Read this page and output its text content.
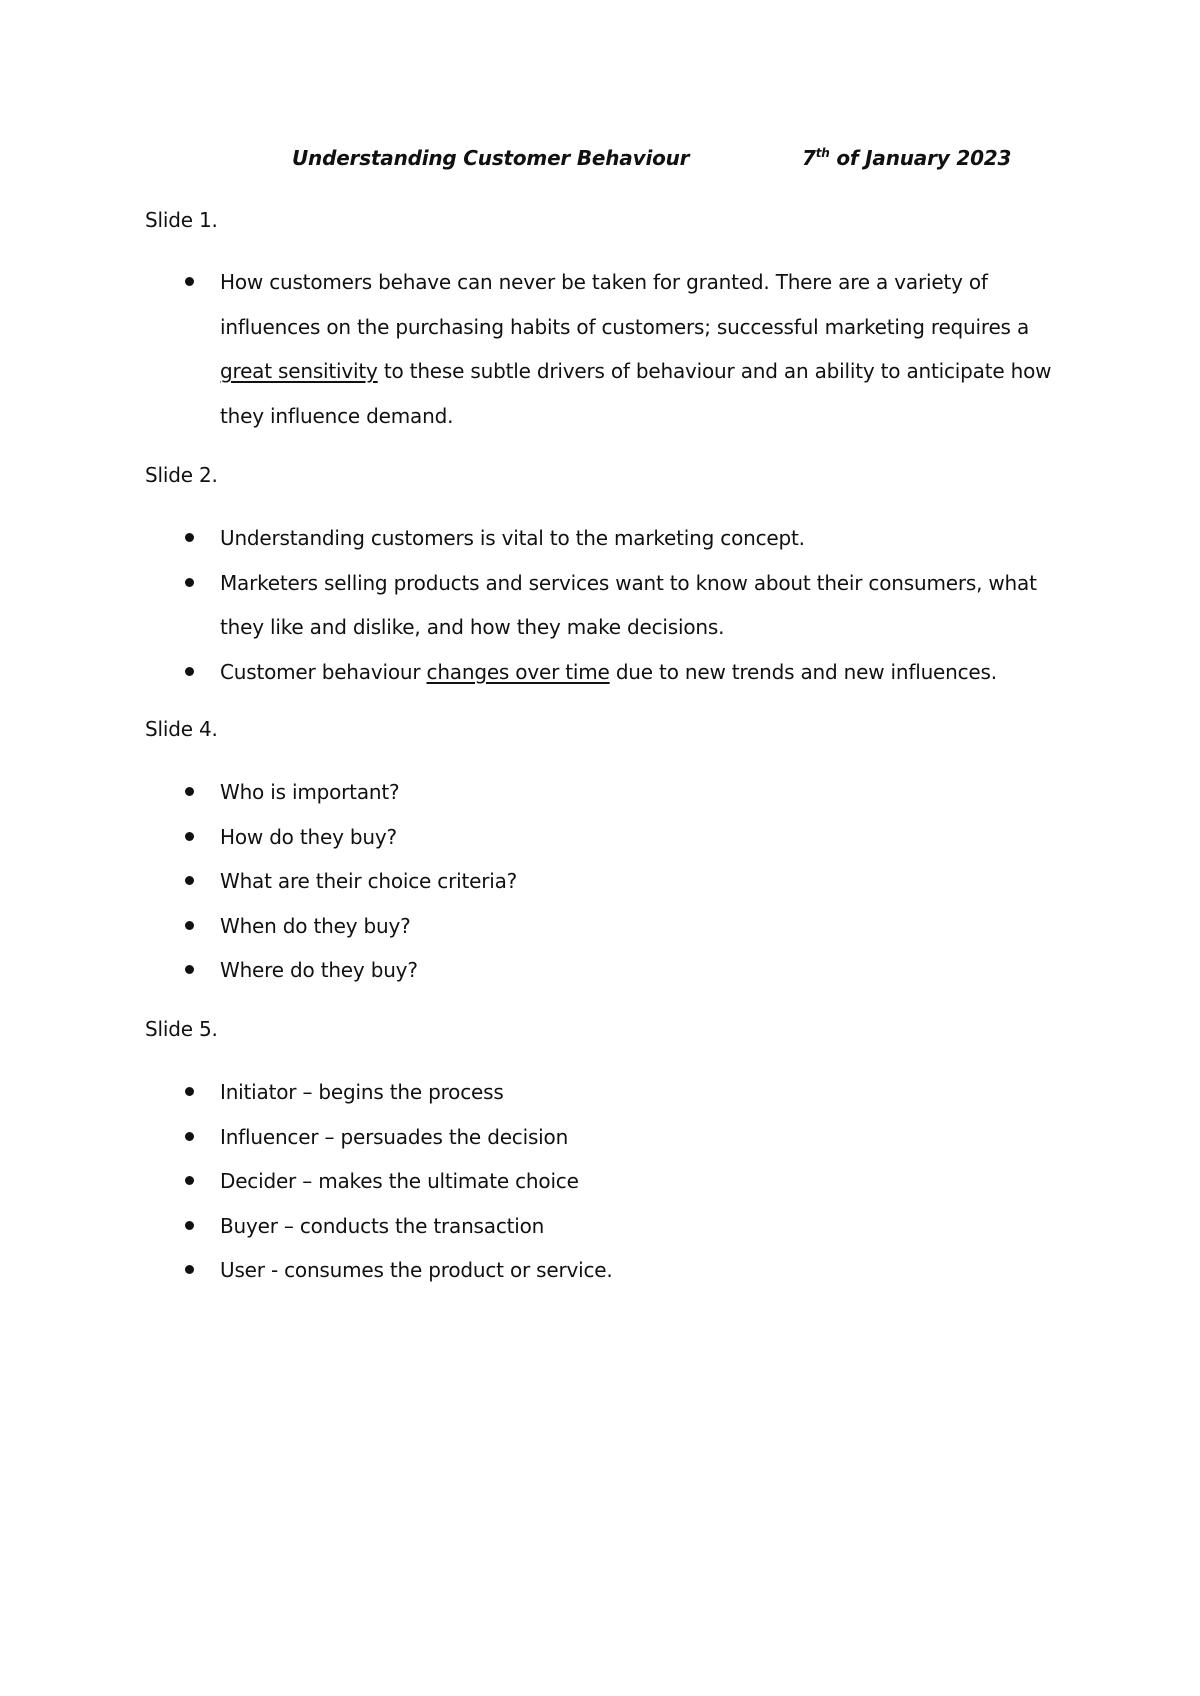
Understanding Customer Behaviour	7th of January 2023
Slide 1.
How customers behave can never be taken for granted. There are a variety of influences on the purchasing habits of customers; successful marketing requires a great sensitivity to these subtle drivers of behaviour and an ability to anticipate how they influence demand.
Slide 2.
Understanding customers is vital to the marketing concept.
Marketers selling products and services want to know about their consumers, what they like and dislike, and how they make decisions.
Customer behaviour changes over time due to new trends and new influences.
Slide 4.
Who is important?
How do they buy?
What are their choice criteria?
When do they buy?
Where do they buy?
Slide 5.
Initiator – begins the process
Influencer – persuades the decision
Decider – makes the ultimate choice
Buyer – conducts the transaction
User - consumes the product or service.
